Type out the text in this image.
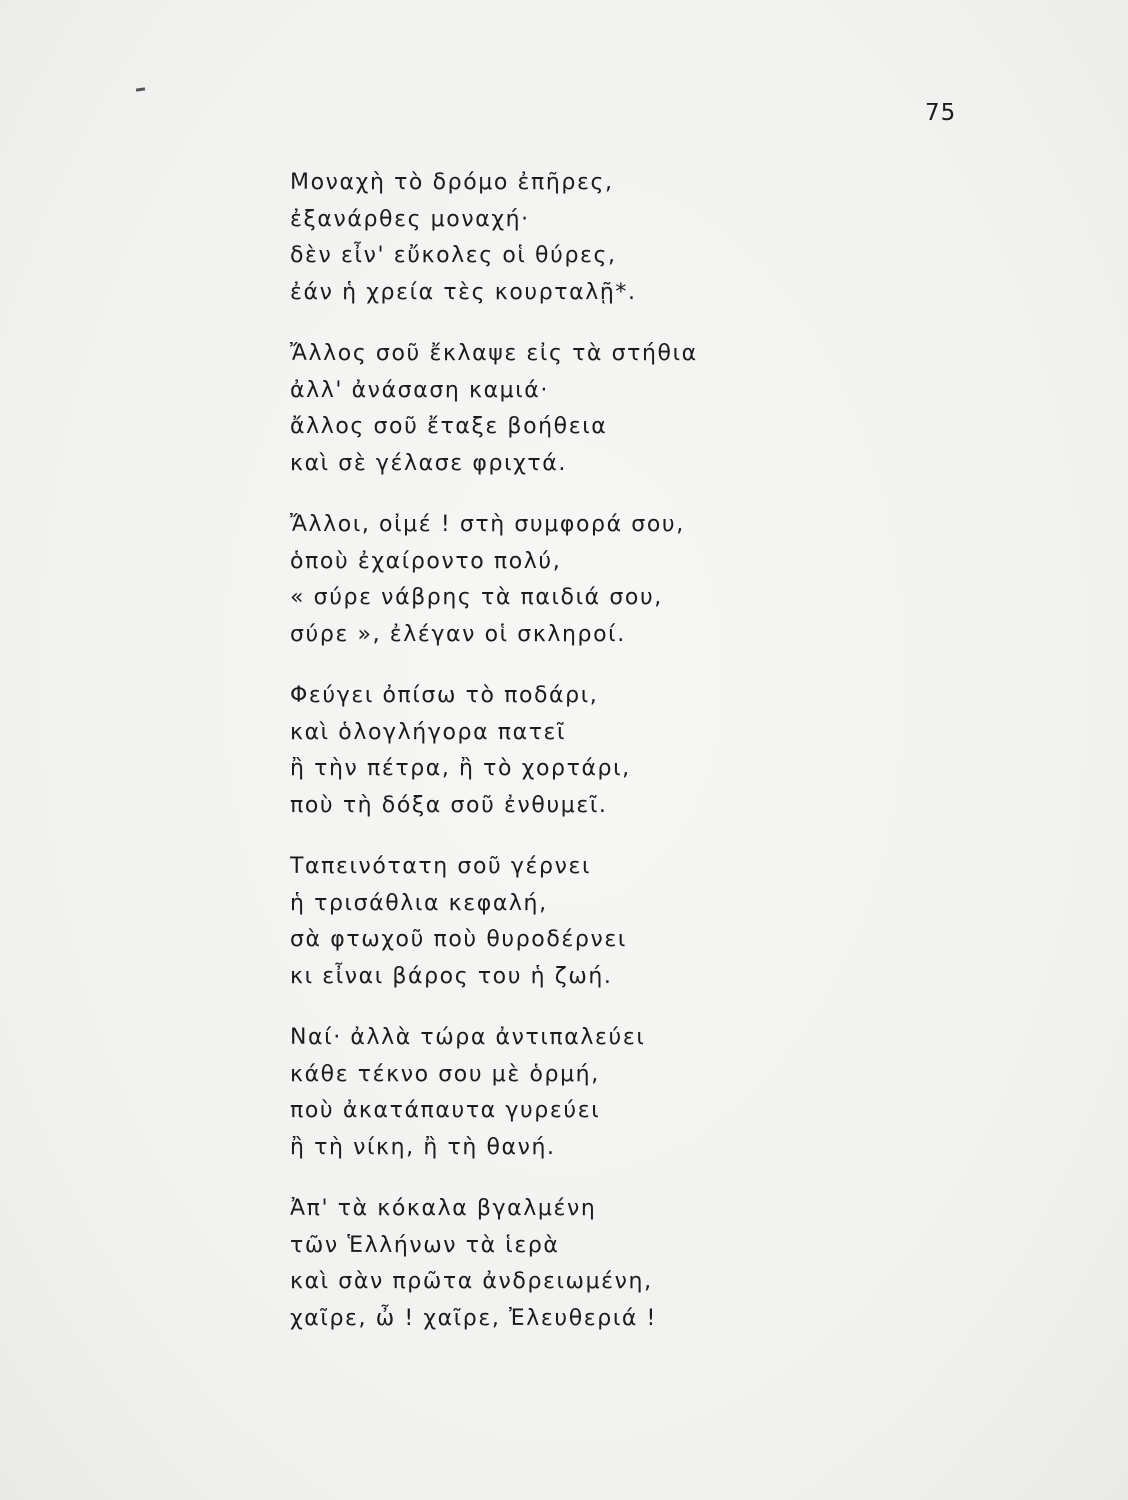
75
Μοναχὴ τὸ δρόμο ἐπῆρες,
ἐξανάρθες μοναχή·
δὲν εἶν' εὔκολες οἱ θύρες,
ἐάν ἡ χρεία τὲς κουρταλῇ*.
Ἄλλος σοῦ ἔκλαψε εἰς τὰ στήθια
ἀλλ' ἀνάσαση καμιά·
ἄλλος σοῦ ἔταξε βοήθεια
καὶ σὲ γέλασε φριχτά.
Ἄλλοι, οἰμέ ! στὴ συμφορά σου,
ὁποὺ ἐχαίροντο πολύ,
« σύρε νάβρης τὰ παιδιά σου,
σύρε », ἐλέγαν οἱ σκληροί.
Φεύγει ὀπίσω τὸ ποδάρι,
καὶ ὁλογλήγορα πατεῖ
ἢ τὴν πέτρα, ἢ τὸ χορτάρι,
ποὺ τὴ δόξα σοῦ ἐνθυμεῖ.
Ταπεινότατη σοῦ γέρνει
ἡ τρισάθλια κεφαλή,
σὰ φτωχοῦ ποὺ θυροδέρνει
κι εἶναι βάρος του ἡ ζωή.
Ναί· ἀλλὰ τώρα ἀντιπαλεύει
κάθε τέκνο σου μὲ ὁρμή,
ποὺ ἀκατάπαυτα γυρεύει
ἢ τὴ νίκη, ἢ τὴ θανή.
Ἀπ' τὰ κόκαλα βγαλμένη
τῶν Ἑλλήνων τὰ ἱερὰ
καὶ σὰν πρῶτα ἀνδρειωμένη,
χαῖρε, ὦ ! χαῖρε, Ἐλευθεριά !
